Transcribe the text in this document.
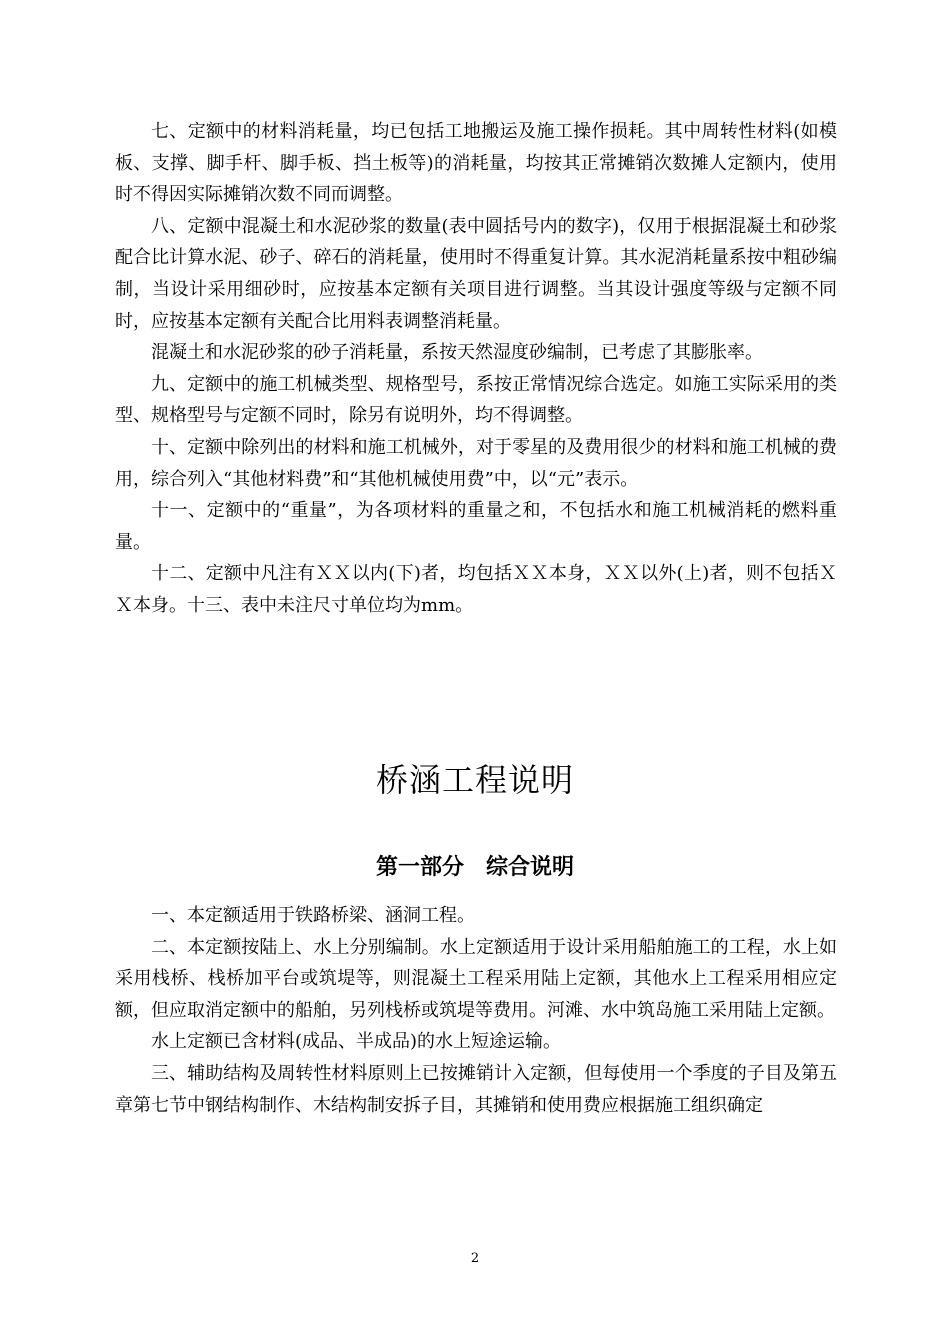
七、定额中的材料消耗量，均已包括工地搬运及施工操作损耗。其中周转性材料(如模板、支撑、脚手杆、脚手板、挡土板等)的消耗量，均按其正常摊销次数摊人定额内，使用时不得因实际摊销次数不同而调整。

八、定额中混凝土和水泥砂浆的数量(表中圆括号内的数字)，仅用于根据混凝土和砂浆配合比计算水泥、砂子、碎石的消耗量，使用时不得重复计算。其水泥消耗量系按中粗砂编制，当设计采用细砂时，应按基本定额有关项目进行调整。当其设计强度等级与定额不同时，应按基本定额有关配合比用料表调整消耗量。

混凝土和水泥砂浆的砂子消耗量，系按天然湿度砂编制，已考虑了其膨胀率。

九、定额中的施工机械类型、规格型号，系按正常情况综合选定。如施工实际采用的类型、规格型号与定额不同时，除另有说明外，均不得调整。

十、定额中除列出的材料和施工机械外，对于零星的及费用很少的材料和施工机械的费用，综合列入“其他材料费”和“其他机械使用费”中，以“元”表示。

十一、定额中的“重量”，为各项材料的重量之和，不包括水和施工机械消耗的燃料重量。

十二、定额中凡注有ＸＸ以内(下)者，均包括ＸＸ本身，ＸＸ以外(上)者，则不包括ＸＸ本身。十三、表中未注尺寸单位均为mm。

桥涵工程说明
第一部分　综合说明

一、本定额适用于铁路桥梁、涵洞工程。

二、本定额按陆上、水上分别编制。水上定额适用于设计采用船舶施工的工程，水上如采用栈桥、栈桥加平台或筑堤等，则混凝土工程采用陆上定额，其他水上工程采用相应定额，但应取消定额中的船舶，另列栈桥或筑堤等费用。河滩、水中筑岛施工采用陆上定额。

水上定额已含材料(成品、半成品)的水上短途运输。

三、辅助结构及周转性材料原则上已按摊销计入定额，但每使用一个季度的子目及第五章第七节中钢结构制作、木结构制安拆子目，其摊销和使用费应根据施工组织确定

2
